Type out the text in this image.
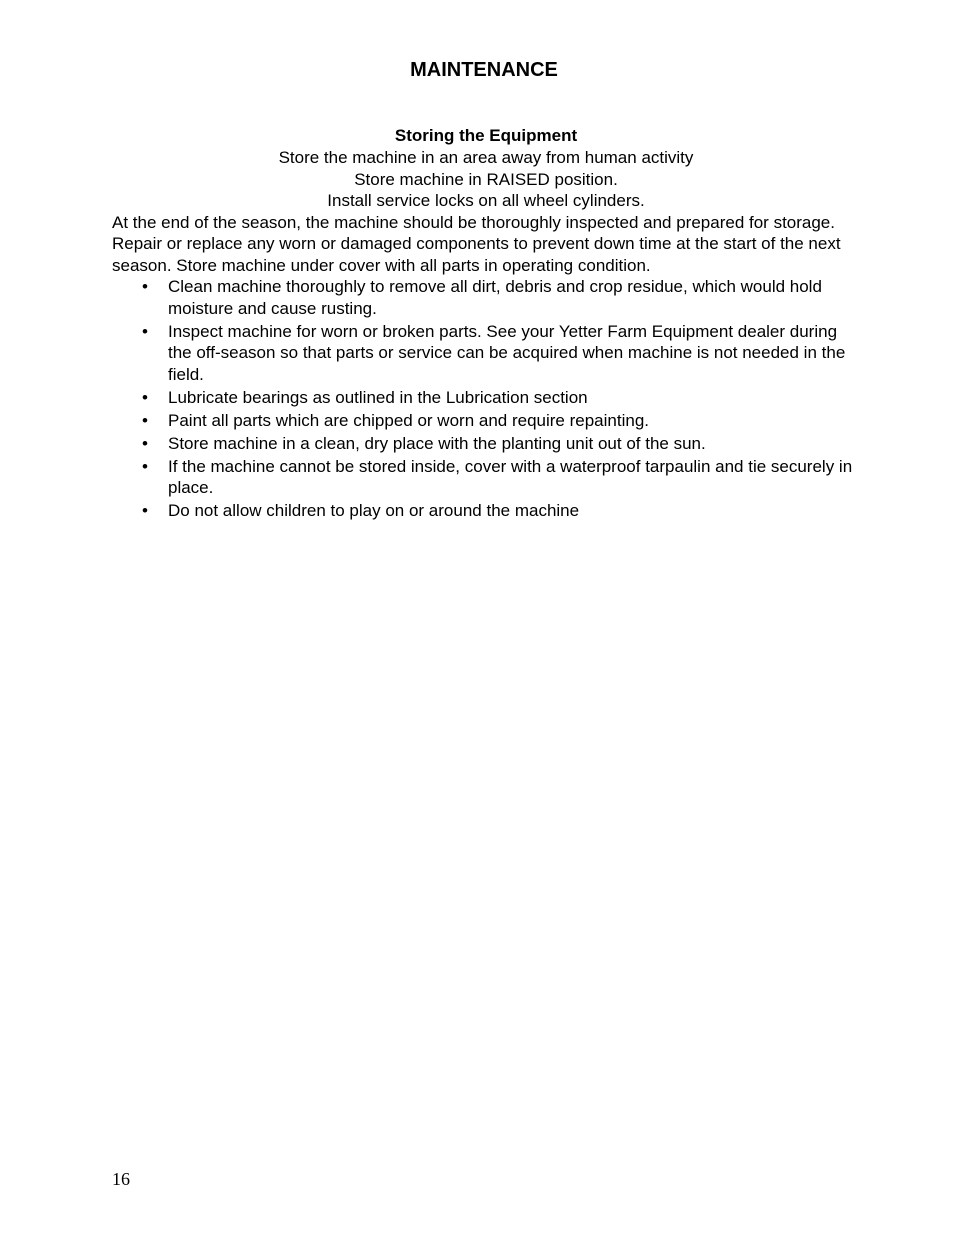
MAINTENANCE

Storing the Equipment

Store the machine in an area away from human activity

Store machine in RAISED position.

Install service locks on all wheel cylinders.

At the end of the season, the machine should be thoroughly inspected and prepared for storage. Repair or replace any worn or damaged components to prevent down time at the start of the next season. Store machine under cover with all parts in operating condition.

• Clean machine thoroughly to remove all dirt, debris and crop residue, which would hold moisture and cause rusting.
• Inspect machine for worn or broken parts. See your Yetter Farm Equipment dealer during the off-season so that parts or service can be acquired when machine is not needed in the field.
• Lubricate bearings as outlined in the Lubrication section
• Paint all parts which are chipped or worn and require repainting.
• Store machine in a clean, dry place with the planting unit out of the sun.
• If the machine cannot be stored inside, cover with a waterproof tarpaulin and tie securely in place.
• Do not allow children to play on or around the machine
16
